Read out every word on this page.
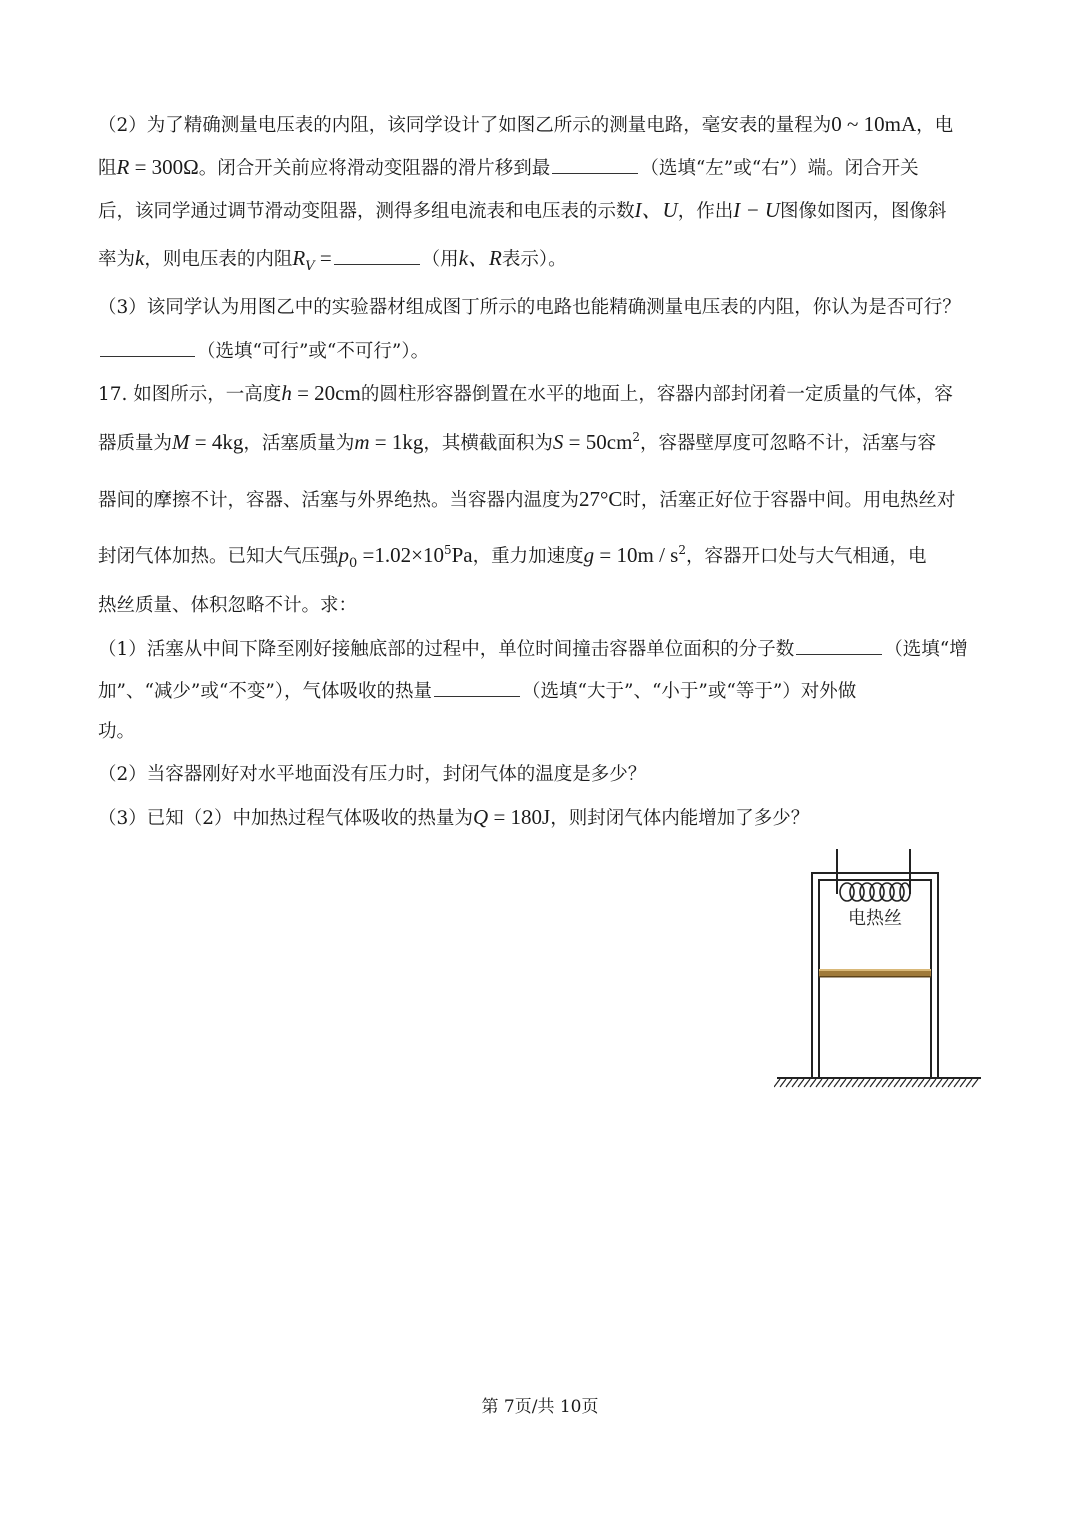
（2）为了精确测量电压表的内阻，该同学设计了如图乙所示的测量电路，毫安表的量程为0 ~ 10mA，电
阻R = 300Ω。闭合开关前应将滑动变阻器的滑片移到最	（选填“左”或“右”）端。闭合开关
后，该同学通过调节滑动变阻器，测得多组电流表和电压表的示数I、U，作出I − U图像如图丙，图像斜
率为k，则电压表的内阻$R_V$ =	（用k、R表示）。
（3）该同学认为用图乙中的实验器材组成图丁所示的电路也能精确测量电压表的内阻，你认为是否可行？
（选填“可行”或“不可行”）。
17. 如图所示，一高度h = 20cm的圆柱形容器倒置在水平的地面上，容器内部封闭着一定质量的气体，容
器质量为M = 4kg，活塞质量为m = 1kg，其横截面积为$S = 50cm^2$，容器壁厚度可忽略不计，活塞与容
器间的摩擦不计，容器、活塞与外界绝热。当容器内温度为27°C时，活塞正好位于容器中间。用电热丝对
封闭气体加热。已知大气压强$p_0 =1.02\times 10^5Pa$，重力加速度$g = 10m / s^2$，容器开口处与大气相通，电
热丝质量、体积忽略不计。求：
（1）活塞从中间下降至刚好接触底部的过程中，单位时间撞击容器单位面积的分子数	（选填“增
加”、“减少”或“不变”），气体吸收的热量	（选填“大于”、“小于”或“等于”）对外做
功。
（2）当容器刚好对水平地面没有压力时，封闭气体的温度是多少？
（3）已知（2）中加热过程气体吸收的热量为Q = 180J，则封闭气体内能增加了多少？
电热丝
第 7页/共 10页
